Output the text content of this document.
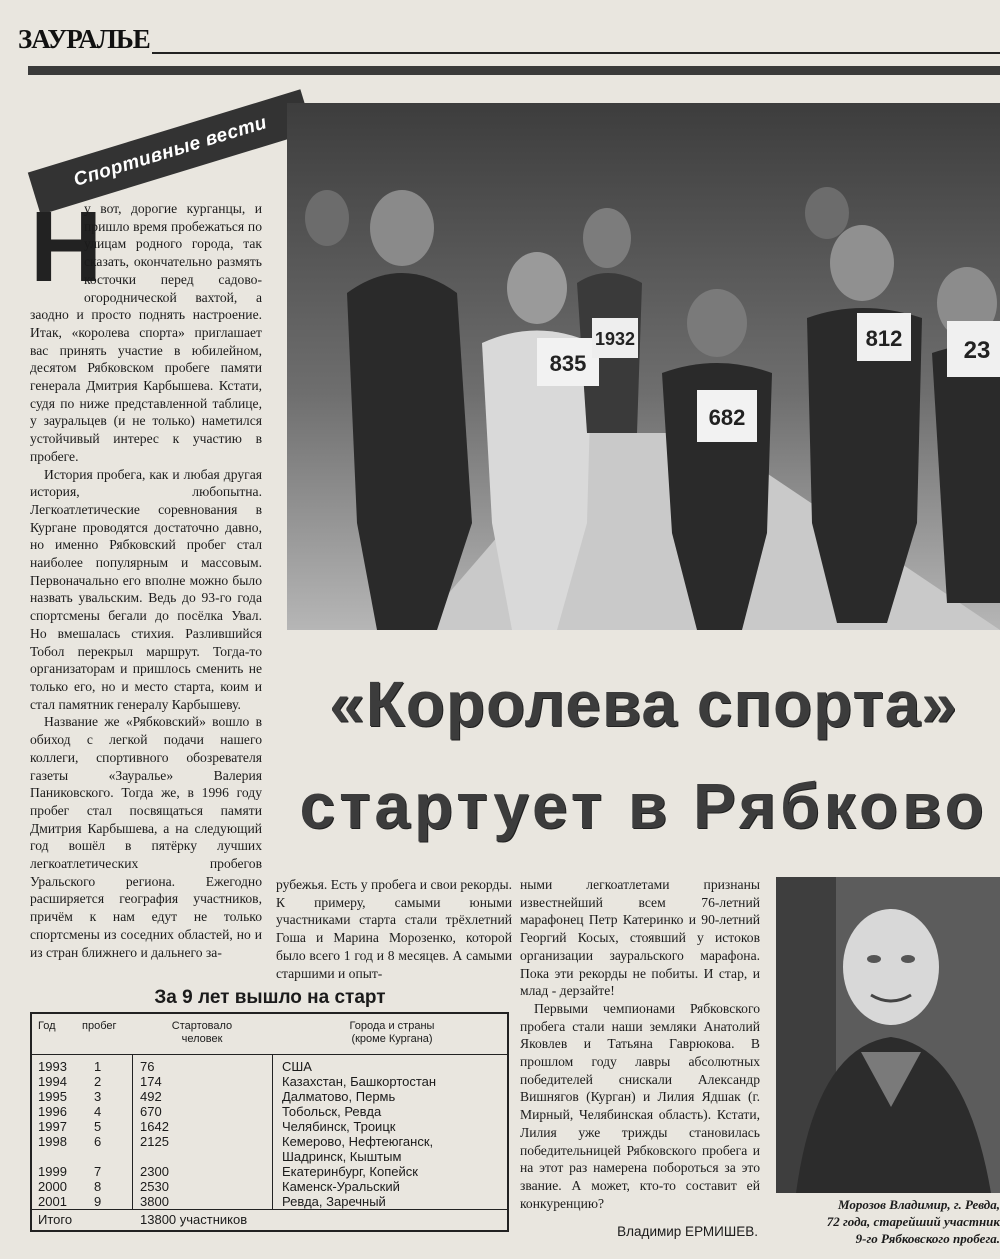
ЗАУРАЛЬЕ
Спортивные вести
835
1932
682
812	23
«Королева спорта»
стартует в Рябково
Н

у вот, дорогие курганцы, и пришло время пробежаться по улицам родного города, так сказать, окончательно размять косточки перед садово-огороднической вахтой, а заодно и просто поднять настроение. Итак, «королева спорта» приглашает вас принять участие в юбилейном, десятом Рябковском пробеге памяти генерала Дмитрия Карбышева. Кстати, судя по ниже представленной таблице, у зауральцев (и не только) наметился устойчивый интерес к участию в пробеге.

История пробега, как и любая другая история, любопытна. Легкоатлетические соревнования в Кургане проводятся достаточно давно, но именно Рябковский пробег стал наиболее популярным и массовым. Первоначально его вполне можно было назвать увальским. Ведь до 93-го года спортсмены бегали до посёлка Увал. Но вмешалась стихия. Разлившийся Тобол перекрыл маршрут. Тогда-то организаторам и пришлось сменить не только его, но и место старта, коим и стал памятник генералу Карбышеву.

Название же «Рябковский» вошло в обиход с легкой подачи нашего коллеги, спортивного обозревателя газеты «Зауралье» Валерия Паниковского. Тогда же, в 1996 году пробег стал посвящаться памяти Дмитрия Карбышева, а на следующий год вошёл в пятёрку лучших легкоатлетических пробегов Уральского региона. Ежегодно расширяется география участников, причём к нам едут не только спортсмены из соседних областей, но и из стран ближнего и дальнего за-

рубежья. Есть у пробега и свои рекорды. К примеру, самыми юными участниками старта стали трёхлетний Гоша и Марина Морозенко, которой было всего 1 год и 8 месяцев. А самыми старшими и опыт-

ными легкоатлетами признаны известнейший всем 76-летний марафонец Петр Катеринко и 90-летний Георгий Косых, стоявший у истоков организации зауральского марафона. Пока эти рекорды не побиты. И стар, и млад - дерзайте!

Первыми чемпионами Рябковского пробега стали наши земляки Анатолий Яковлев и Татьяна Гаврюкова. В прошлом году лавры абсолютных победителей снискали Александр Вишнягов (Курган) и Лилия Ядшак (г. Мирный, Челябинская область). Кстати, Лилия уже трижды становилась победительницей Рябковского пробега и на этот раз намерена побороться за это звание. А может, кто-то составит ей конкуренцию?

Владимир ЕРМИШЕВ.
Морозов Владимир, г. Ревда,
72 года, старейший участник
9-го Рябковского пробега.
За 9 лет вышло на старт
Год пробег	Стартовало
человек
Города и страны
(кроме Кургана)
1993 1	76	США
1994 2	174	Казахстан, Башкортостан
1995 3	492	Далматово, Пермь
1996 4	670	Тобольск, Ревда
1997 5	1642	Челябинск, Троицк
1998 6	2125	Кемерово, Нефтеюганск,
Шадринск, Кыштым
1999 7	2300	Екатеринбург, Копейск
2000 8	2530	Каменск-Уральский
2001 9	3800	Ревда, Заречный
Итого	13800 участников
